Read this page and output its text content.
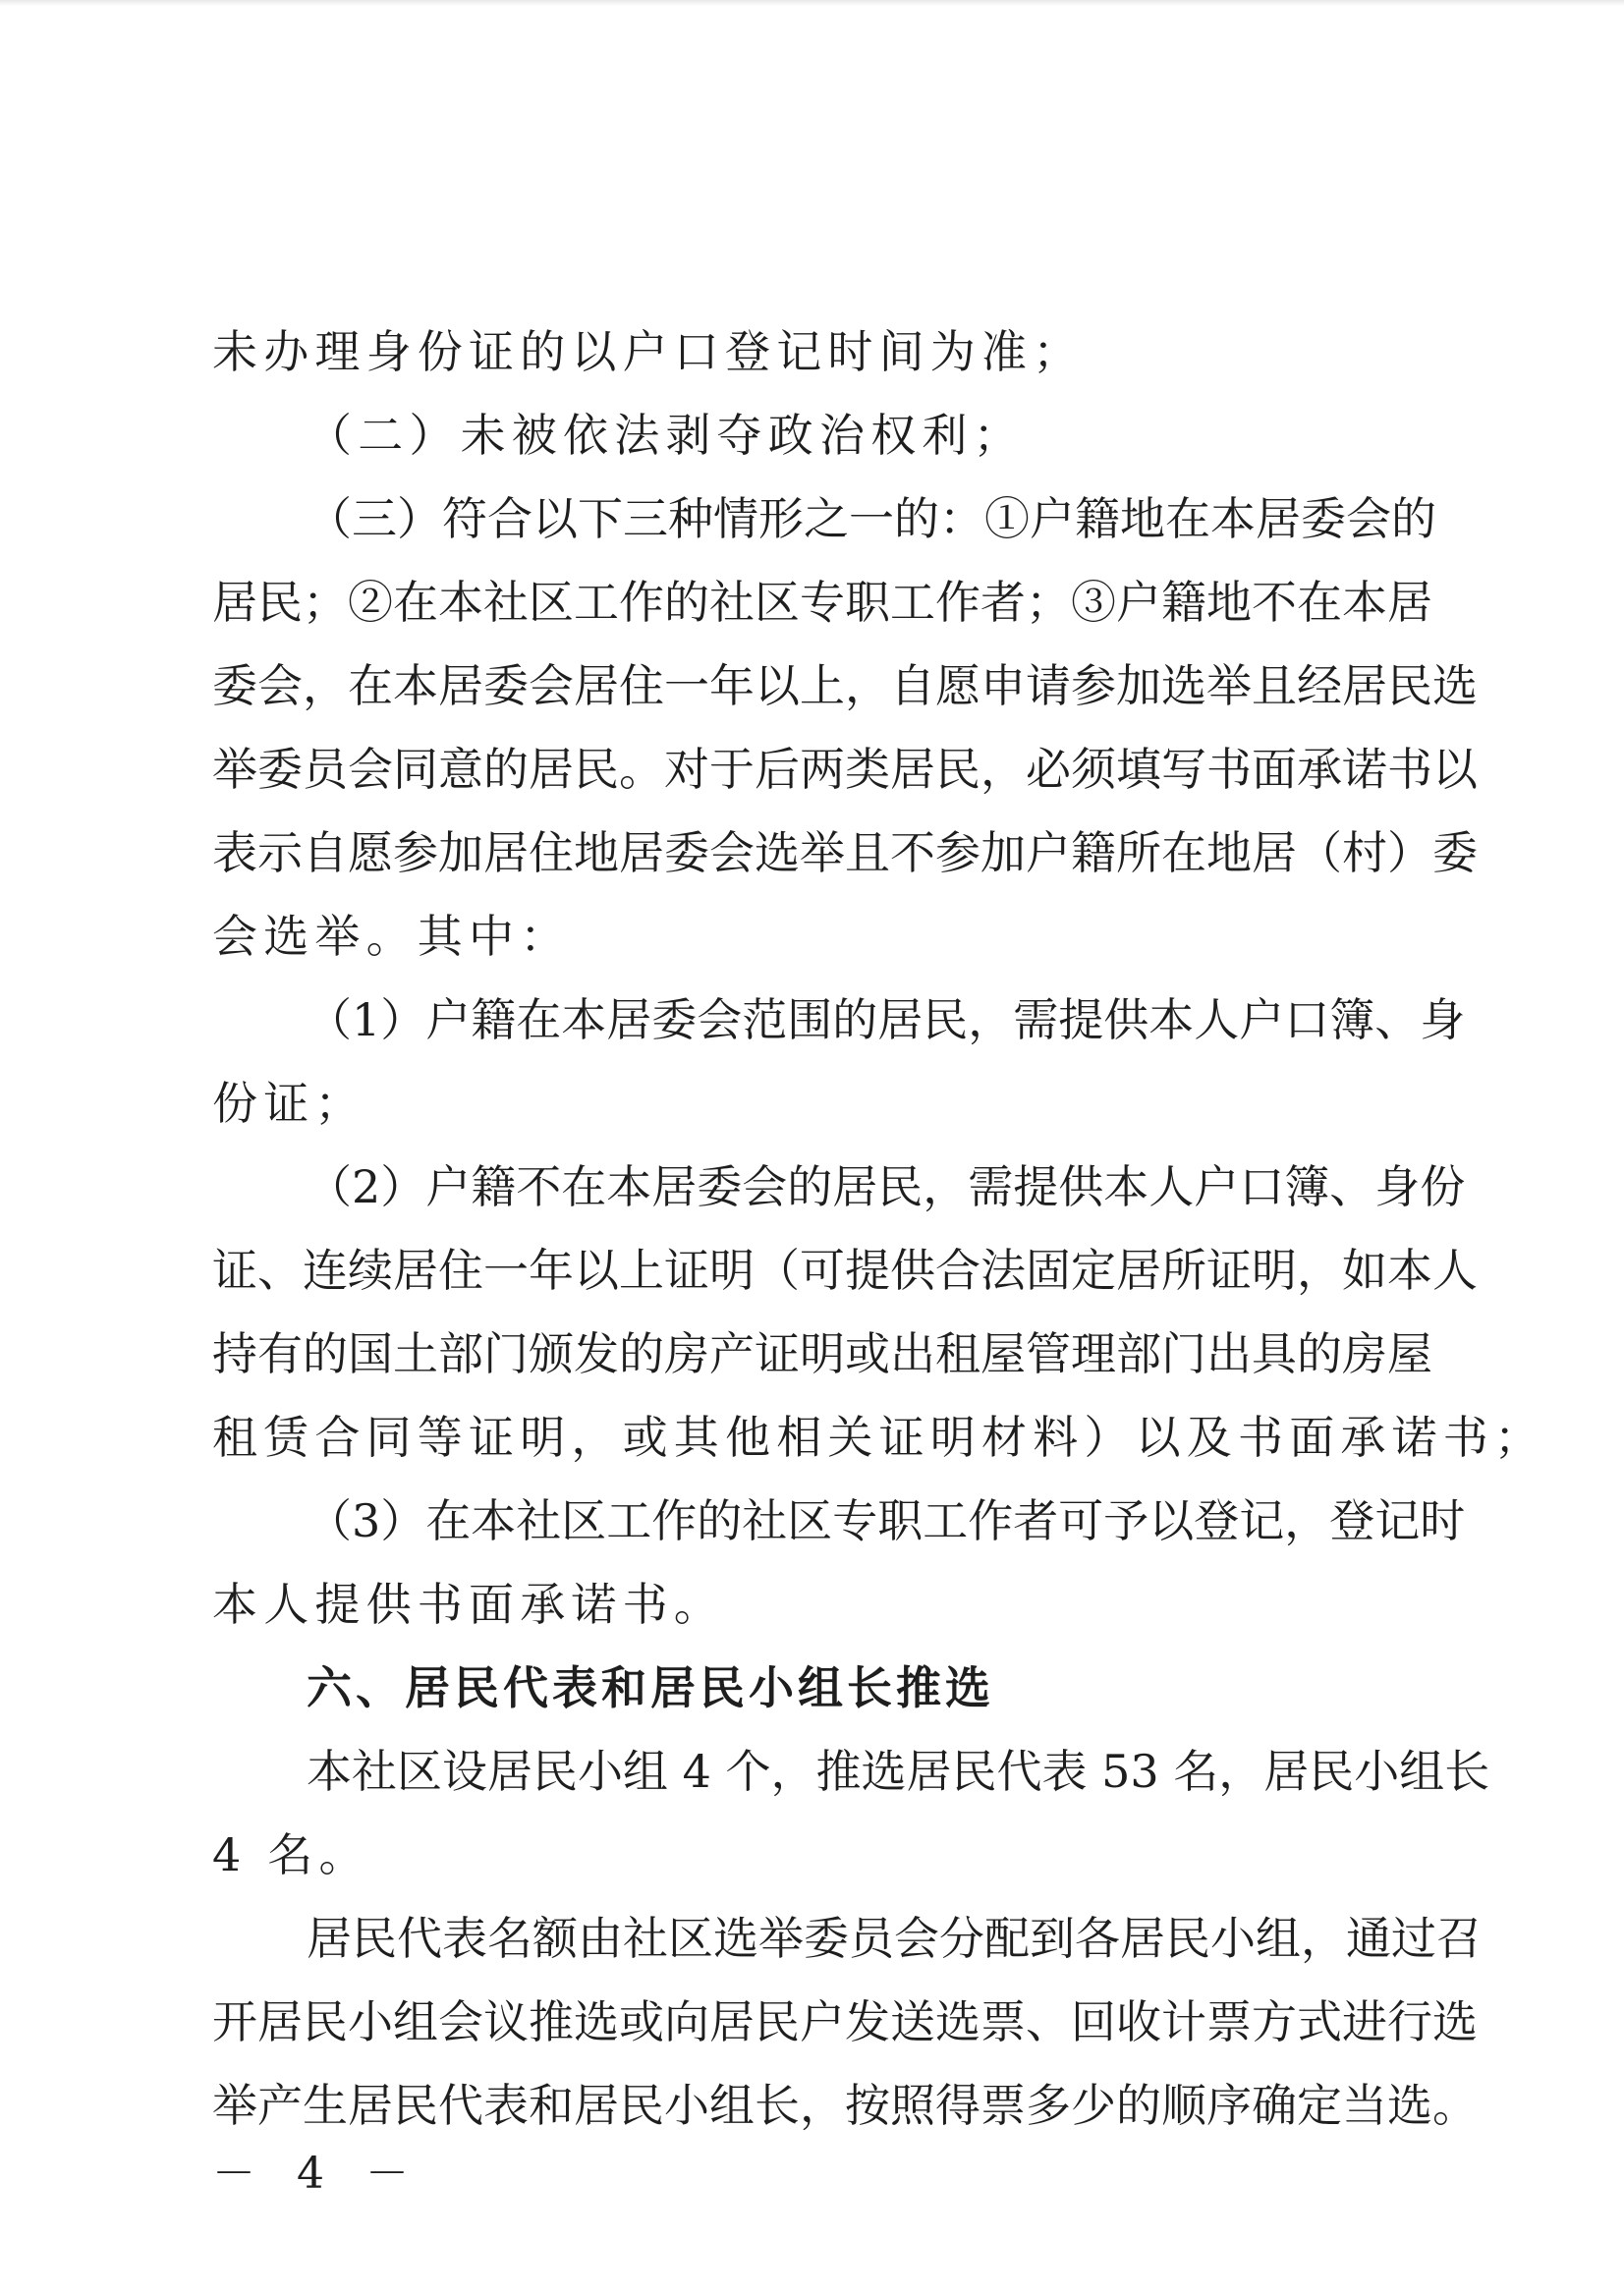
未办理身份证的以户口登记时间为准；
（二）未被依法剥夺政治权利；
（三）符合以下三种情形之一的：①户籍地在本居委会的
居民；②在本社区工作的社区专职工作者；③户籍地不在本居
委会，在本居委会居住一年以上，自愿申请参加选举且经居民选
举委员会同意的居民。对于后两类居民，必须填写书面承诺书以
表示自愿参加居住地居委会选举且不参加户籍所在地居（村）委
会选举。其中：
（1）户籍在本居委会范围的居民，需提供本人户口簿、身
份证；
（2）户籍不在本居委会的居民，需提供本人户口簿、身份
证、连续居住一年以上证明（可提供合法固定居所证明，如本人
持有的国土部门颁发的房产证明或出租屋管理部门出具的房屋
租赁合同等证明，或其他相关证明材料）以及书面承诺书；
（3）在本社区工作的社区专职工作者可予以登记，登记时
本人提供书面承诺书。
六、居民代表和居民小组长推选
本社区设居民小组 4 个，推选居民代表 53 名，居民小组长
4 名。
居民代表名额由社区选举委员会分配到各居民小组，通过召
开居民小组会议推选或向居民户发送选票、回收计票方式进行选
举产生居民代表和居民小组长，按照得票多少的顺序确定当选。
－ 4 －
